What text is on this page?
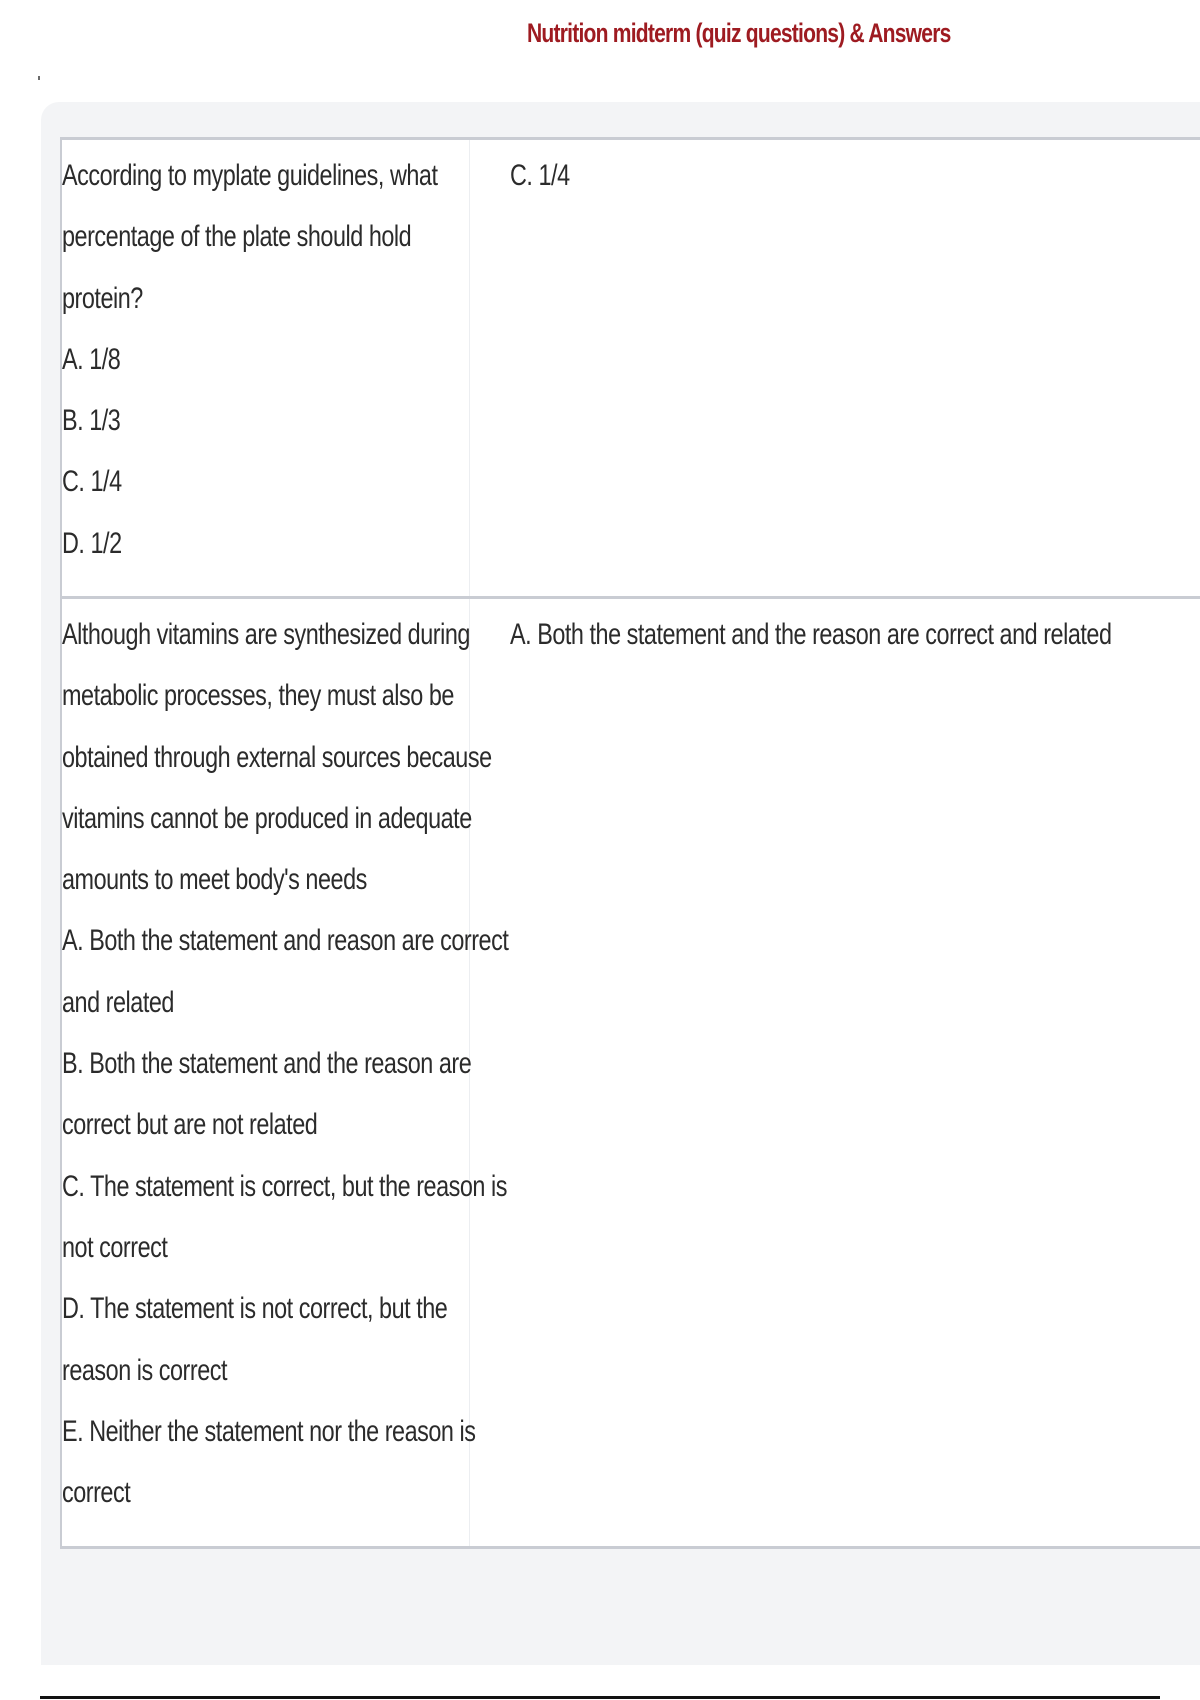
Nutrition midterm (quiz questions) & Answers
According to myplate guidelines, what
percentage of the plate should hold
protein?
A. 1/8
B. 1/3
C. 1/4
D. 1/2
C. 1/4
Although vitamins are synthesized during
metabolic processes, they must also be
obtained through external sources because
vitamins cannot be produced in adequate
amounts to meet body's needs
A. Both the statement and reason are correct
and related
B. Both the statement and the reason are
correct but are not related
C. The statement is correct, but the reason is
not correct
D. The statement is not correct, but the
reason is correct
E. Neither the statement nor the reason is
correct
A. Both the statement and the reason are correct and related
